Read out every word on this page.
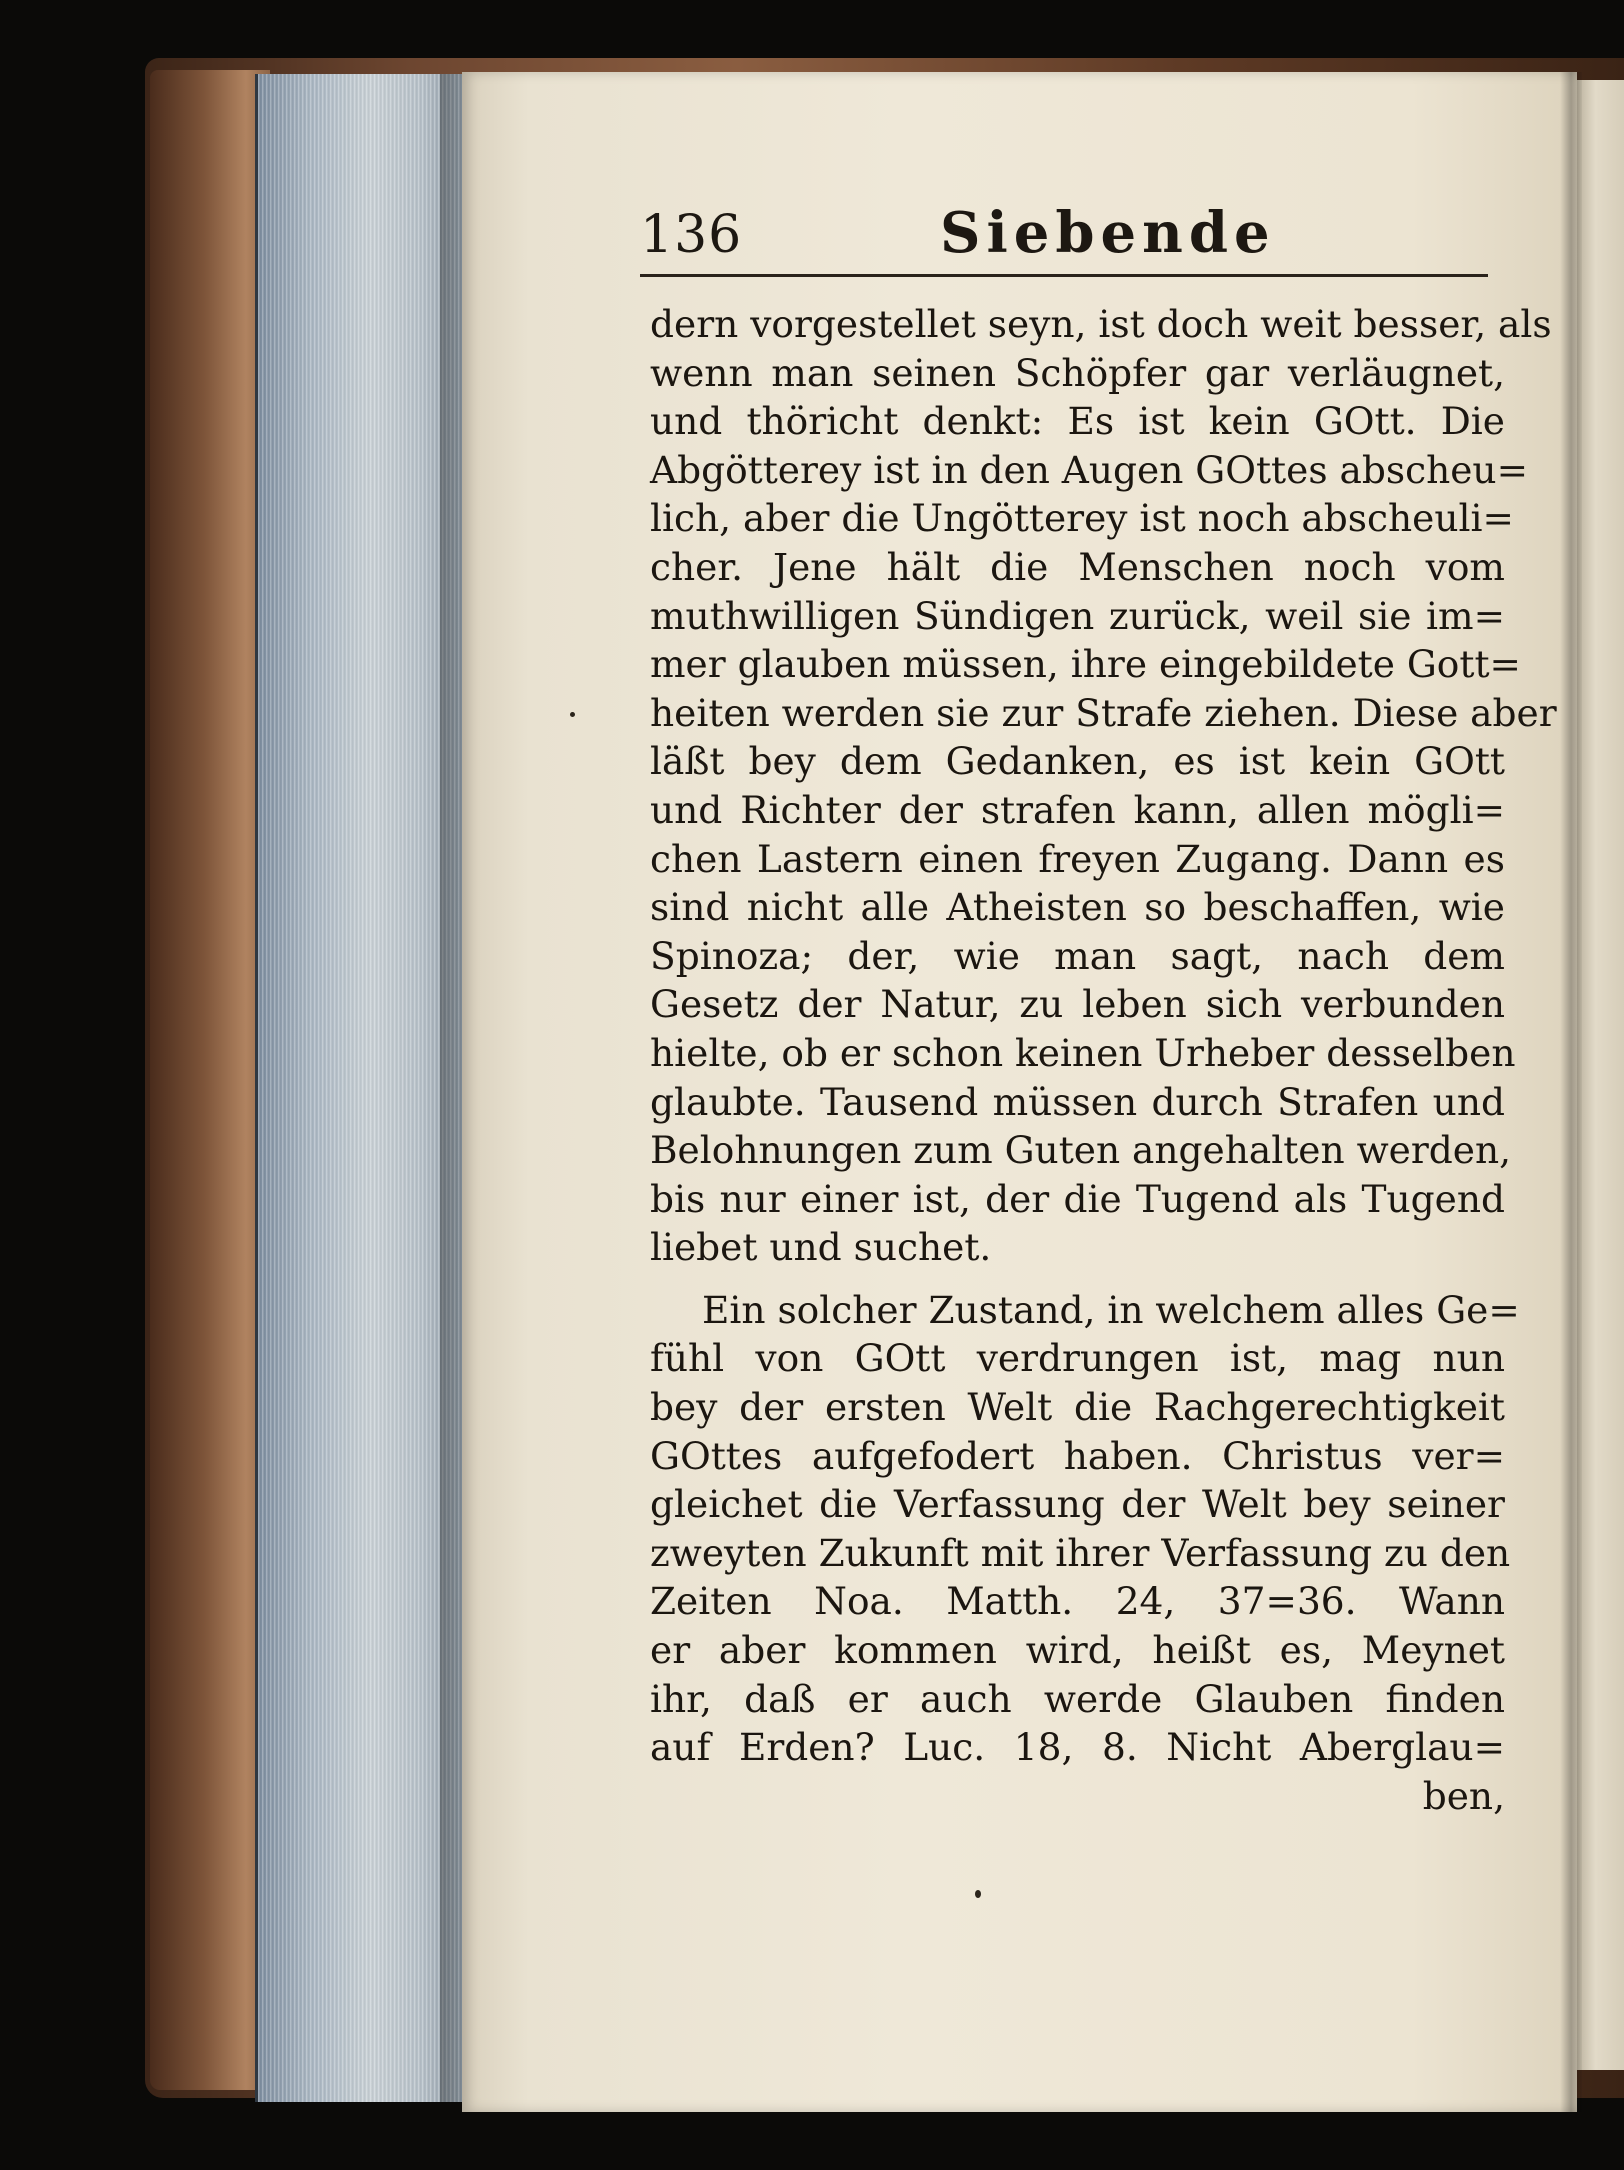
136	Siebende
dern vorgestellet seyn, ist doch weit besser, als
wenn man seinen Schöpfer gar verläugnet,
und thöricht denkt: Es ist kein GOtt. Die
Abgötterey ist in den Augen GOttes abscheu=
lich, aber die Ungötterey ist noch abscheuli=
cher. Jene hält die Menschen noch vom
muthwilligen Sündigen zurück, weil sie im=
mer glauben müssen, ihre eingebildete Gott=
heiten werden sie zur Strafe ziehen. Diese aber
läßt bey dem Gedanken, es ist kein GOtt
und Richter der strafen kann, allen mögli=
chen Lastern einen freyen Zugang. Dann es
sind nicht alle Atheisten so beschaffen, wie
Spinoza; der, wie man sagt, nach dem
Gesetz der Natur, zu leben sich verbunden
hielte, ob er schon keinen Urheber desselben
glaubte. Tausend müssen durch Strafen und
Belohnungen zum Guten angehalten werden,
bis nur einer ist, der die Tugend als Tugend
liebet und suchet.
Ein solcher Zustand, in welchem alles Ge=
fühl von GOtt verdrungen ist, mag nun
bey der ersten Welt die Rachgerechtigkeit
GOttes aufgefodert haben. Christus ver=
gleichet die Verfassung der Welt bey seiner
zweyten Zukunft mit ihrer Verfassung zu den
Zeiten Noa. Matth. 24, 37=36. Wann
er aber kommen wird, heißt es, Meynet
ihr, daß er auch werde Glauben finden
auf Erden? Luc. 18, 8. Nicht Aberglau=
ben,
